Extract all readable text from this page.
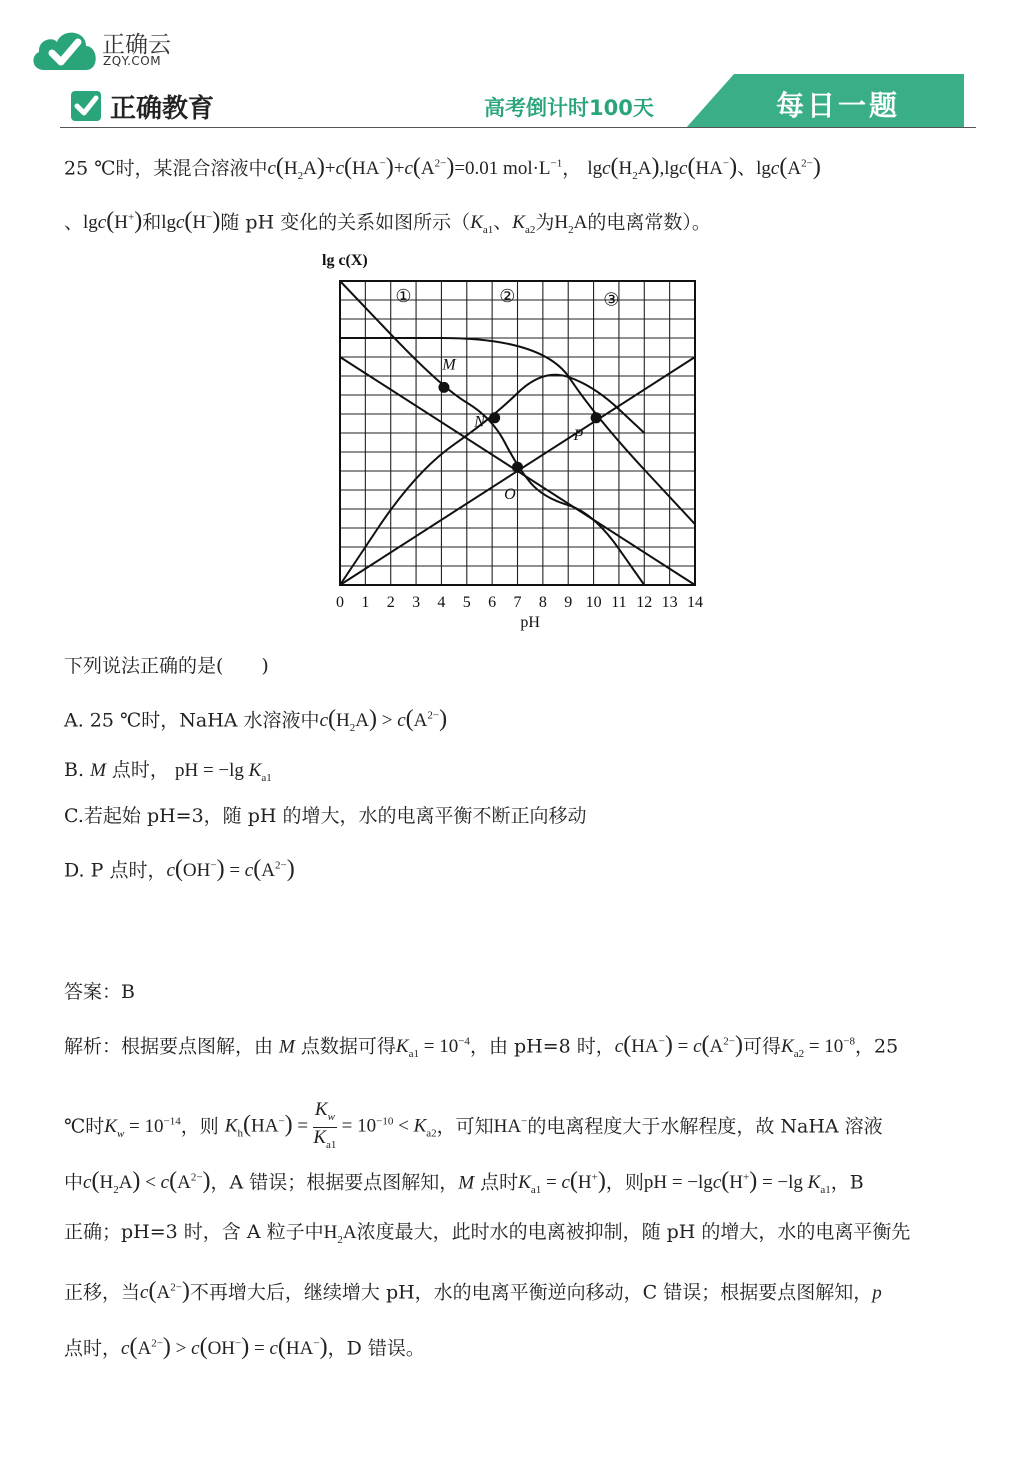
正确云
ZQY.COM
正确教育	高考倒计时100天	每日一题
25 ℃时，某混合溶液中$c(H_2A)+c(HA^-)+c(A^{2-})=0.01$ $mol\cdot L^{-1}$， $\lg c(H_2A),\lg c(HA^-)$、$\lg c(A^{2-})$
、lgc(H+)和lgc(H−)随 pH 变化的关系如图所示（$K_{a1}$、$K_{a2}$为$H_2A$的电离常数）。
0 1 2 3 4 5 6 7 8 9 10 11 12 13 14
pH
lg c(X)
①	②	③
M
N
O
P
下列说法正确的是(　　)
A. 25 ℃时，NaHA 水溶液中$c(H_2A) > c(A^{2-})$
B. M 点时， pH = −lg $K_{a1}$
C.若起始 pH=3，随 pH 的增大，水的电离平衡不断正向移动
D. P 点时，$c(OH^-) = c(A^{2-})$
答案：B
解析：根据要点图解，由 M 点数据可得$K_{a1} = 10^{-4}$，由 pH=8 时，$c(HA^-) = c(A^{2-})$可得$K_{a2} = 10^{-8}$，25
℃时$K_w = 10^{-14}$，则 $K_h(HA^-) = \frac{K_w}{K_{a1}} = 10^{-10} < K_{a2}$，可知HA−的电离程度大于水解程度，故 NaHA 溶液
中$c(H_2A) < c(A^{2-})$，A 错误；根据要点图解知，M 点时$K_{a1} = c(H^+)$，则pH = −lgc(H+) = −lg $K_{a1}$，B
正确；pH=3 时，含 A 粒子中$H_2A$浓度最大，此时水的电离被抑制，随 pH 的增大，水的电离平衡先
正移，当$c(A^{2-})$不再增大后，继续增大 pH，水的电离平衡逆向移动，C 错误；根据要点图解知，p
点时，$c(A^{2-}) > c(OH^-) = c(HA^-)$，D 错误。
